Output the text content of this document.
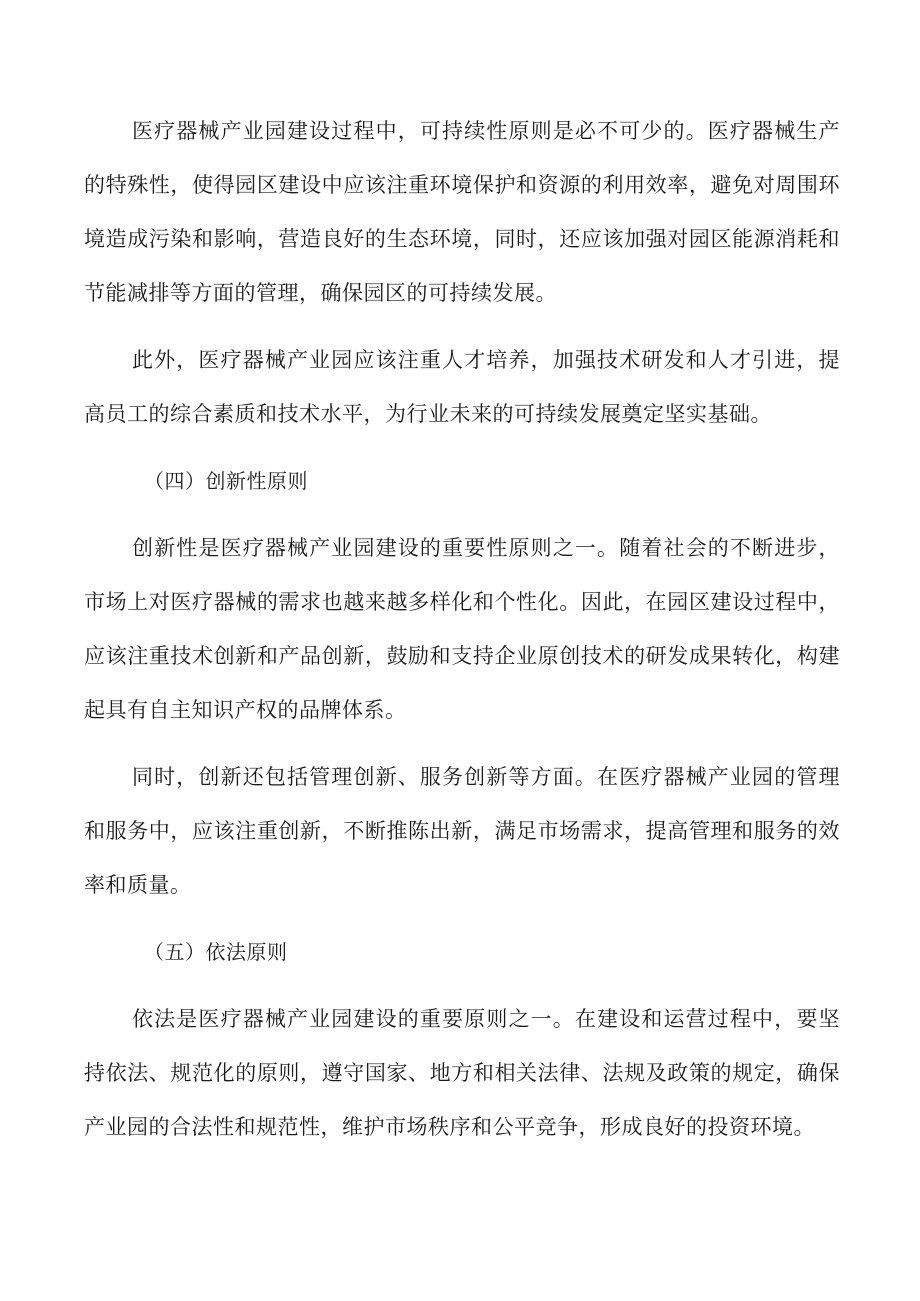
医疗器械产业园建设过程中，可持续性原则是必不可少的。医疗器械生产的特殊性，使得园区建设中应该注重环境保护和资源的利用效率，避免对周围环境造成污染和影响，营造良好的生态环境，同时，还应该加强对园区能源消耗和节能减排等方面的管理，确保园区的可持续发展。

此外，医疗器械产业园应该注重人才培养，加强技术研发和人才引进，提高员工的综合素质和技术水平，为行业未来的可持续发展奠定坚实基础。

（四）创新性原则

创新性是医疗器械产业园建设的重要性原则之一。随着社会的不断进步，市场上对医疗器械的需求也越来越多样化和个性化。因此，在园区建设过程中，应该注重技术创新和产品创新，鼓励和支持企业原创技术的研发成果转化，构建起具有自主知识产权的品牌体系。

同时，创新还包括管理创新、服务创新等方面。在医疗器械产业园的管理和服务中，应该注重创新，不断推陈出新，满足市场需求，提高管理和服务的效率和质量。

（五）依法原则

依法是医疗器械产业园建设的重要原则之一。在建设和运营过程中，要坚持依法、规范化的原则，遵守国家、地方和相关法律、法规及政策的规定，确保产业园的合法性和规范性，维护市场秩序和公平竞争，形成良好的投资环境。
